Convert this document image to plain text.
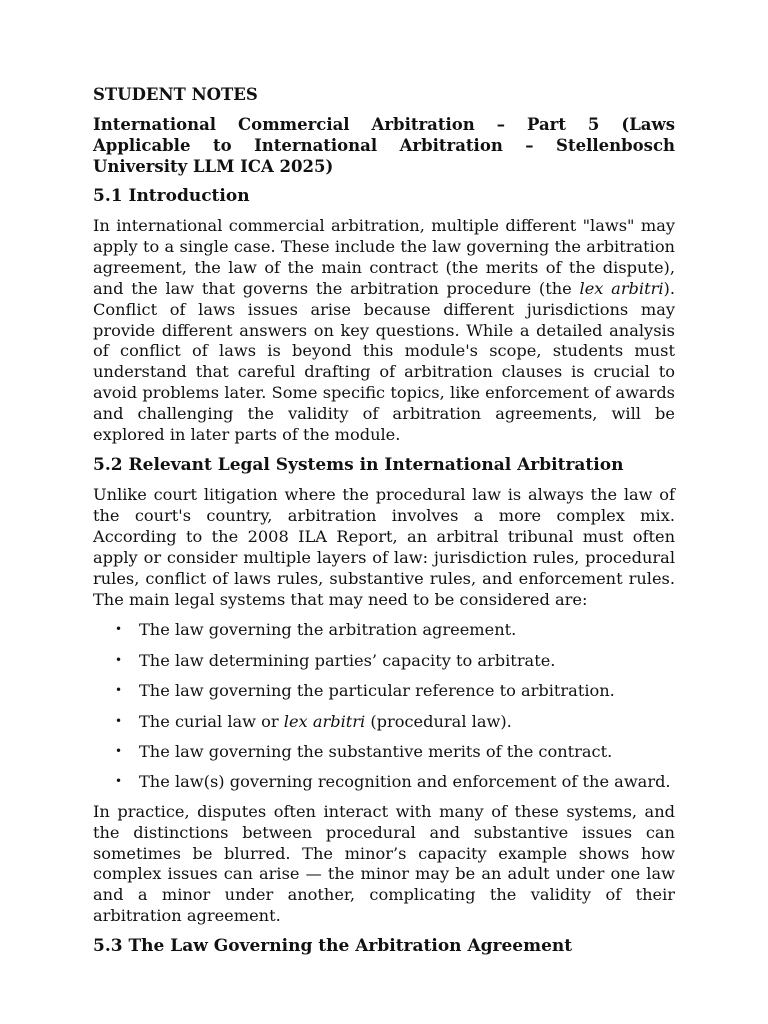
STUDENT NOTES
International Commercial Arbitration – Part 5 (Laws Applicable to International Arbitration – Stellenbosch University LLM ICA 2025)
5.1 Introduction

In international commercial arbitration, multiple different "laws" may apply to a single case. These include the law governing the arbitration agreement, the law of the main contract (the merits of the dispute), and the law that governs the arbitration procedure (the lex arbitri). Conflict of laws issues arise because different jurisdictions may provide different answers on key questions. While a detailed analysis of conflict of laws is beyond this module's scope, students must understand that careful drafting of arbitration clauses is crucial to avoid problems later. Some specific topics, like enforcement of awards and challenging the validity of arbitration agreements, will be explored in later parts of the module.

5.2 Relevant Legal Systems in International Arbitration

Unlike court litigation where the procedural law is always the law of the court's country, arbitration involves a more complex mix. According to the 2008 ILA Report, an arbitral tribunal must often apply or consider multiple layers of law: jurisdiction rules, procedural rules, conflict of laws rules, substantive rules, and enforcement rules. The main legal systems that may need to be considered are:

• The law governing the arbitration agreement.
• The law determining parties’ capacity to arbitrate.
• The law governing the particular reference to arbitration.
• The curial law or lex arbitri (procedural law).
• The law governing the substantive merits of the contract.
• The law(s) governing recognition and enforcement of the award.

In practice, disputes often interact with many of these systems, and the distinctions between procedural and substantive issues can sometimes be blurred. The minor’s capacity example shows how complex issues can arise — the minor may be an adult under one law and a minor under another, complicating the validity of their arbitration agreement.

5.3 The Law Governing the Arbitration Agreement
